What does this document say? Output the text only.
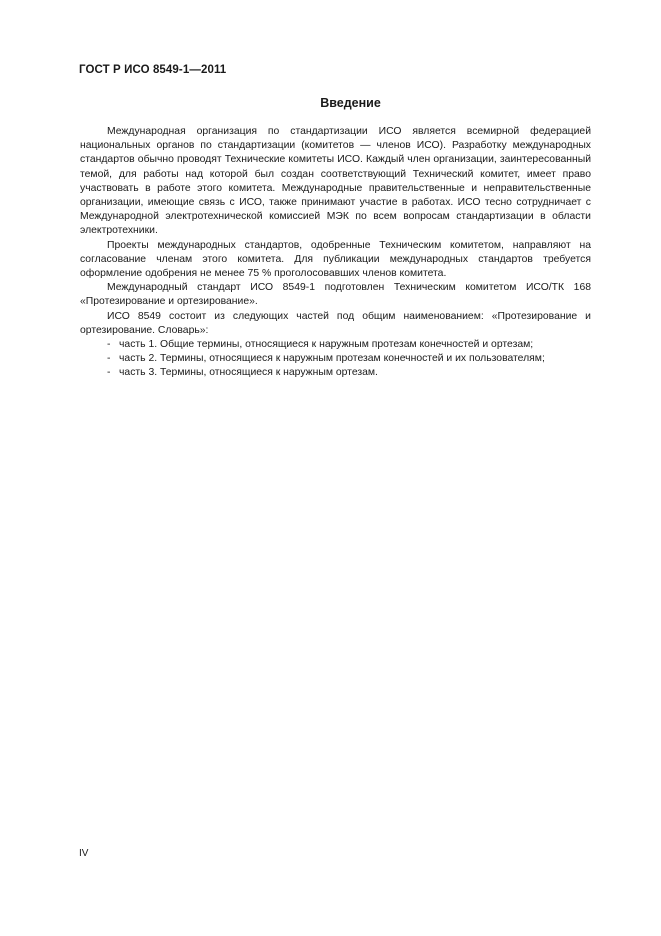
ГОСТ Р ИСО 8549-1—2011
Введение

Международная организация по стандартизации ИСО является всемирной федерацией национальных органов по стандартизации (комитетов — членов ИСО). Разработку международных стандартов обычно проводят Технические комитеты ИСО. Каждый член организации, заинтересованный темой, для работы над которой был создан соответствующий Технический комитет, имеет право участвовать в работе этого комитета. Международные правительственные и неправительственные организации, имеющие связь с ИСО, также принимают участие в работах. ИСО тесно сотрудничает с Международной электротехнической комиссией МЭК по всем вопросам стандартизации в области электротехники.

Проекты международных стандартов, одобренные Техническим комитетом, направляют на согласование членам этого комитета. Для публикации международных стандартов требуется оформление одобрения не менее 75 % проголосовавших членов комитета.

Международный стандарт ИСО 8549-1 подготовлен Техническим комитетом ИСО/ТК 168 «Протезирование и ортезирование».

ИСО 8549 состоит из следующих частей под общим наименованием: «Протезирование и ортезирование. Словарь»:

- часть 1. Общие термины, относящиеся к наружным протезам конечностей и ортезам;
- часть 2. Термины, относящиеся к наружным протезам конечностей и их пользователям;
- часть 3. Термины, относящиеся к наружным ортезам.
IV
